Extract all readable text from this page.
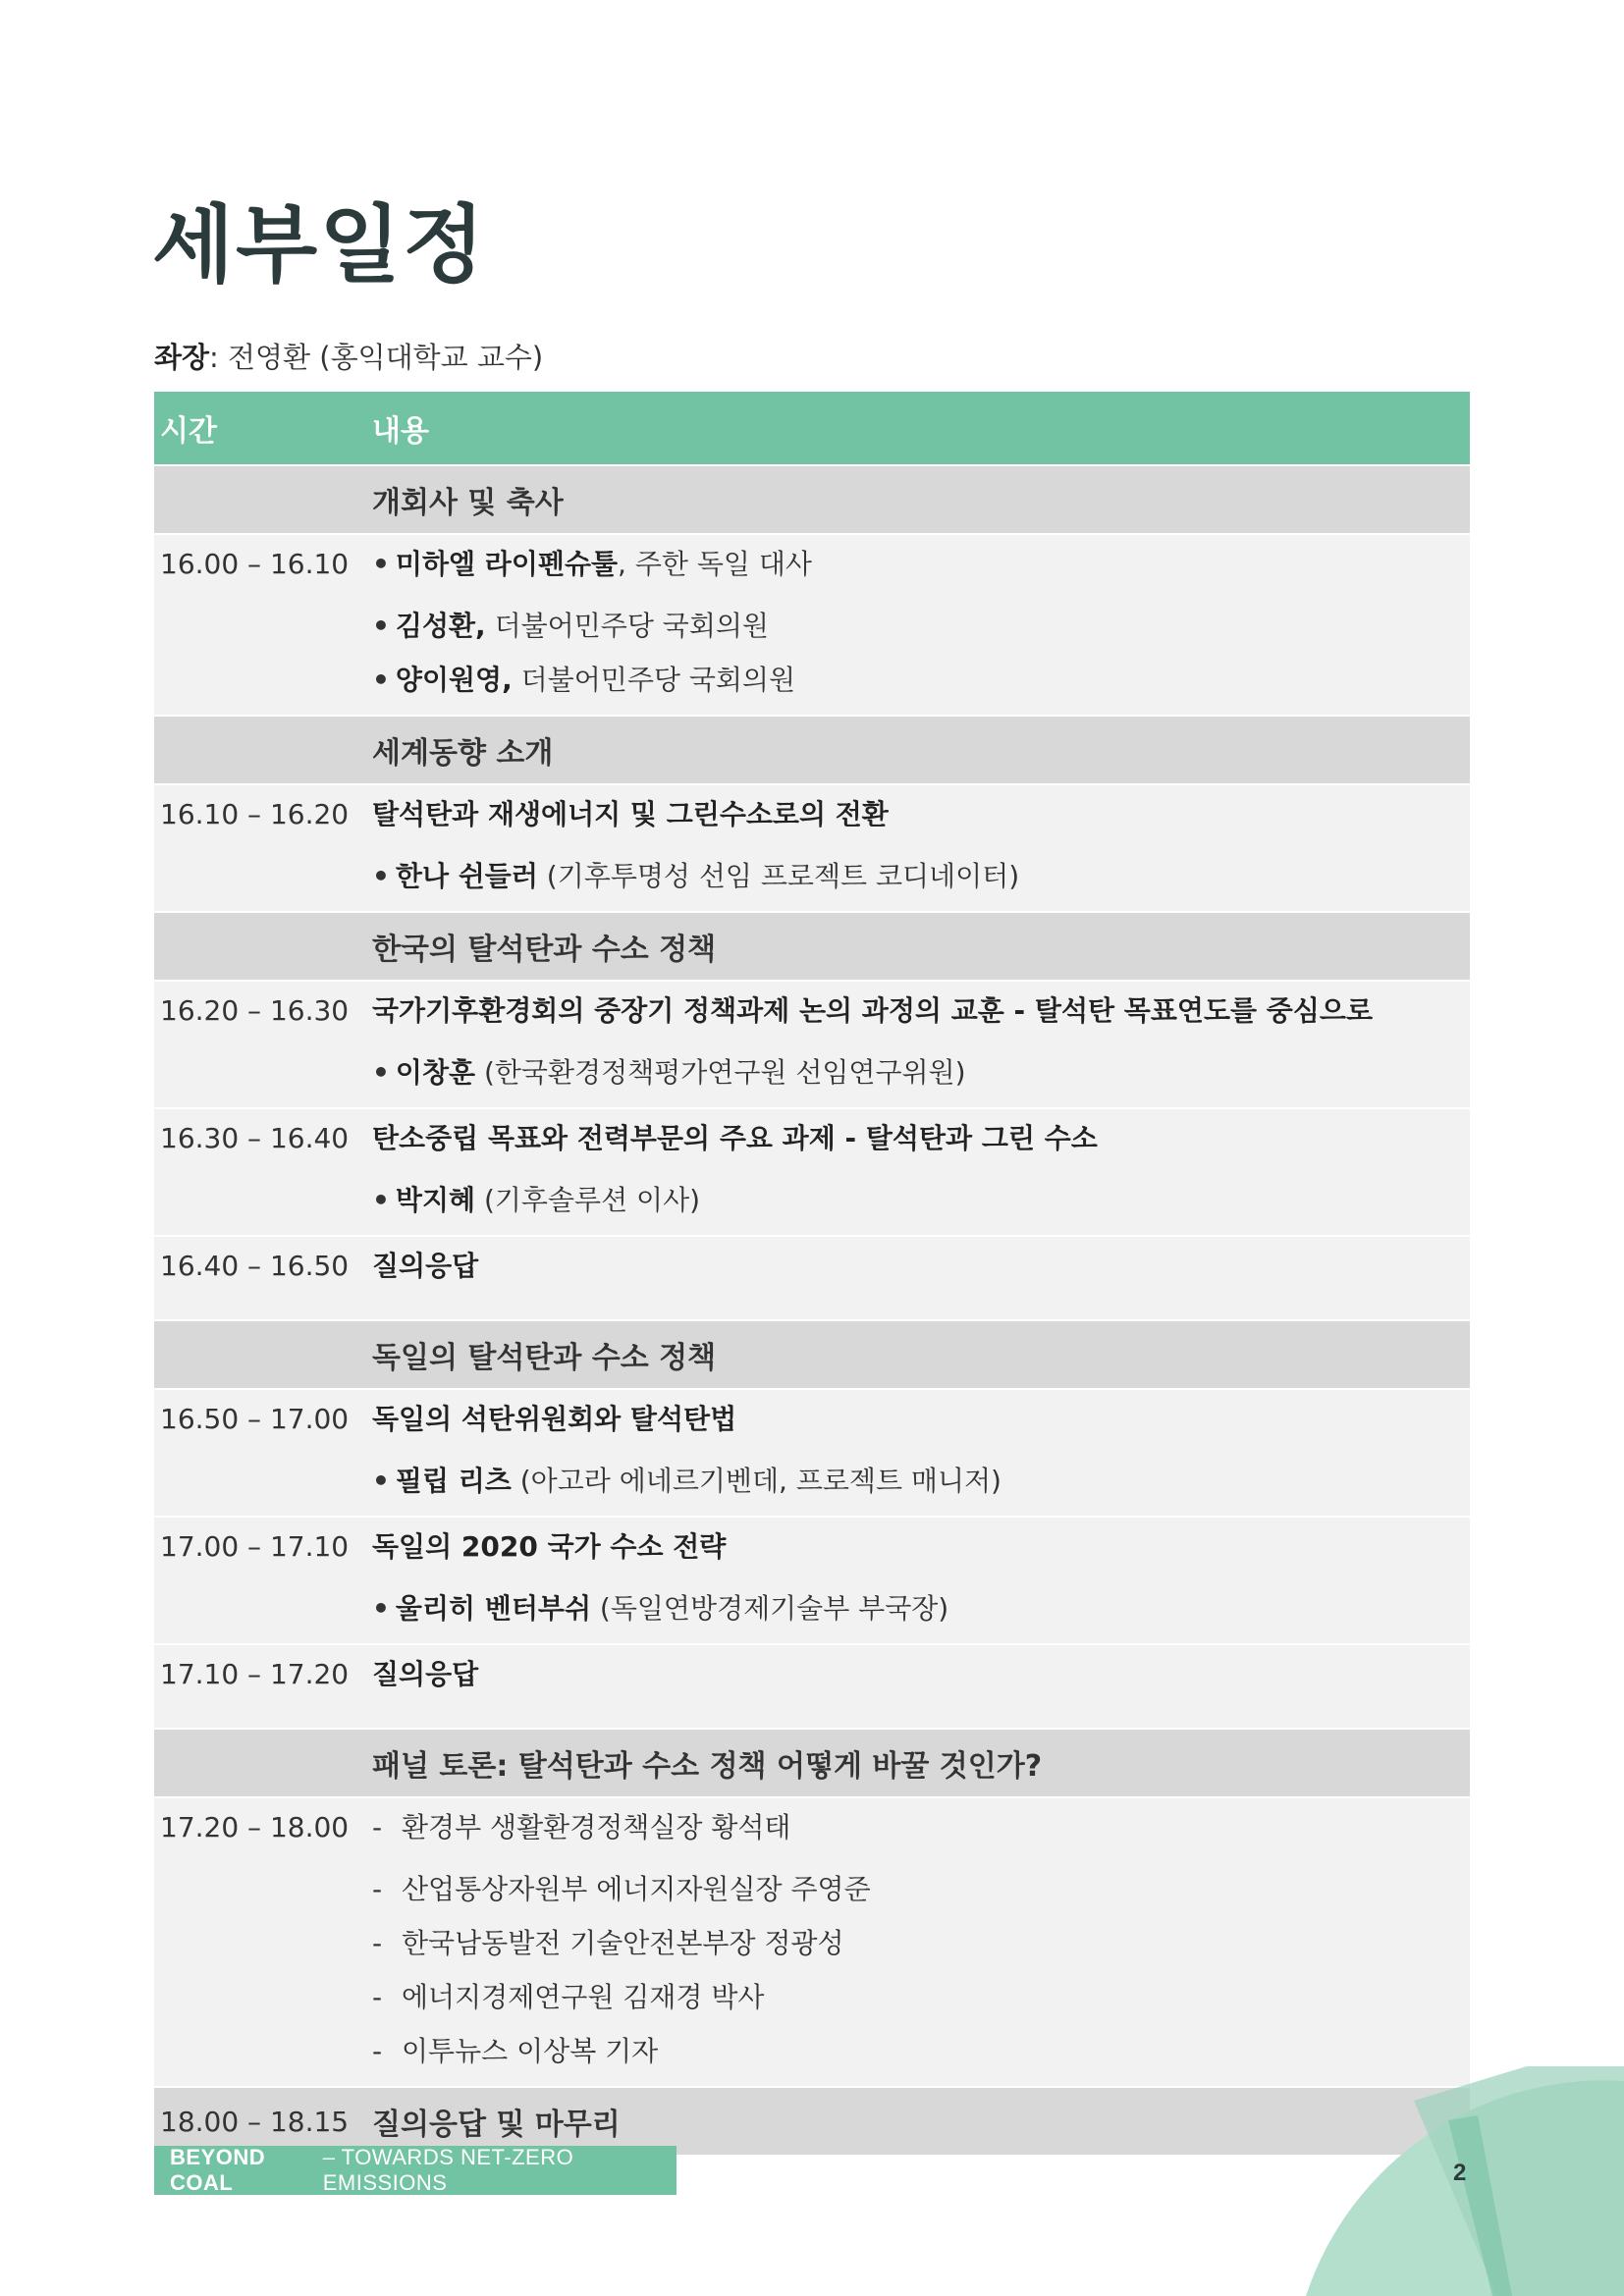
세부일정
좌장: 전영환 (홍익대학교 교수)
시간	내용
개회사 및 축사
16.00 – 16.10 • 미하엘 라이펜슈툴, 주한 독일 대사
• 김성환, 더불어민주당 국회의원
• 양이원영, 더불어민주당 국회의원
세계동향 소개
16.10 – 16.20 탈석탄과 재생에너지 및 그린수소로의 전환
• 한나 쉰들러 (기후투명성 선임 프로젝트 코디네이터)
한국의 탈석탄과 수소 정책
16.20 – 16.30 국가기후환경회의 중장기 정책과제 논의 과정의 교훈 - 탈석탄 목표연도를 중심으로
• 이창훈 (한국환경정책평가연구원 선임연구위원)
16.30 – 16.40 탄소중립 목표와 전력부문의 주요 과제 - 탈석탄과 그린 수소
• 박지혜 (기후솔루션 이사)
16.40 – 16.50 질의응답
독일의 탈석탄과 수소 정책
16.50 – 17.00 독일의 석탄위원회와 탈석탄법
• 필립 리츠 (아고라 에네르기벤데, 프로젝트 매니저)
17.00 – 17.10 독일의 2020 국가 수소 전략
• 울리히 벤터부쉬 (독일연방경제기술부 부국장)
17.10 – 17.20 질의응답
패널 토론: 탈석탄과 수소 정책 어떻게 바꿀 것인가?
17.20 – 18.00 - 환경부 생활환경정책실장 황석태
- 산업통상자원부 에너지자원실장 주영준
- 한국남동발전 기술안전본부장 정광성
- 에너지경제연구원 김재경 박사
- 이투뉴스 이상복 기자
18.00 – 18.15 질의응답 및 마무리
BEYOND COAL
– TOWARDS NET-ZERO EMISSIONS	2
